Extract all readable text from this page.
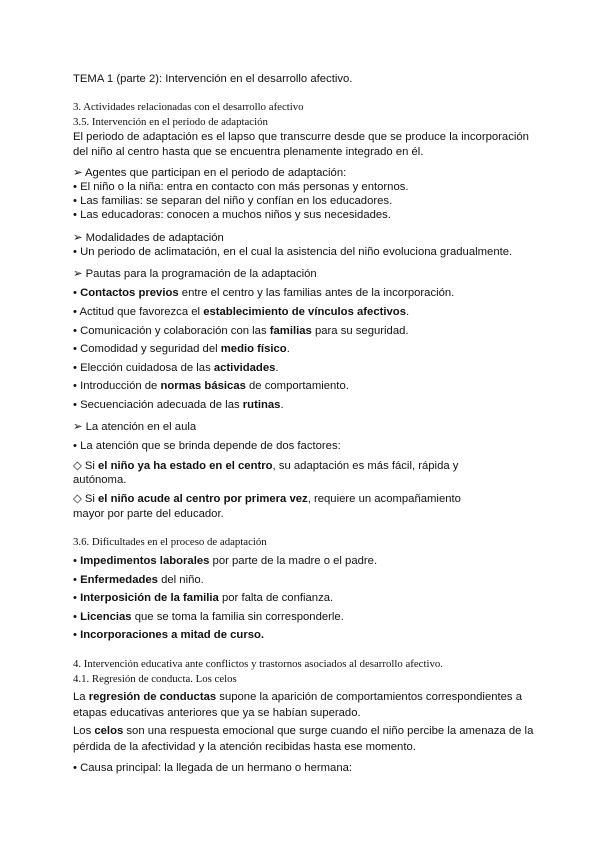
TEMA 1 (parte 2): Intervención en el desarrollo afectivo.
3. Actividades relacionadas con el desarrollo afectivo
3.5. Intervención en el periodo de adaptación
El periodo de adaptación es el lapso que transcurre desde que se produce la incorporación
del niño al centro hasta que se encuentra plenamente integrado en él.
➢ Agentes que participan en el periodo de adaptación:
• El niño o la niña: entra en contacto con más personas y entornos.
• Las familias: se separan del niño y confían en los educadores.
• Las educadoras: conocen a muchos niños y sus necesidades.
➢ Modalidades de adaptación
• Un periodo de aclimatación, en el cual la asistencia del niño evoluciona gradualmente.
➢ Pautas para la programación de la adaptación
• Contactos previos entre el centro y las familias antes de la incorporación.
• Actitud que favorezca el establecimiento de vínculos afectivos.
• Comunicación y colaboración con las familias para su seguridad.
• Comodidad y seguridad del medio físico.
• Elección cuidadosa de las actividades.
• Introducción de normas básicas de comportamiento.
• Secuenciación adecuada de las rutinas.
➢ La atención en el aula
• La atención que se brinda depende de dos factores:
◇ Si el niño ya ha estado en el centro, su adaptación es más fácil, rápida y
autónoma.
◇ Si el niño acude al centro por primera vez, requiere un acompañamiento
mayor por parte del educador.
3.6. Dificultades en el proceso de adaptación
• Impedimentos laborales por parte de la madre o el padre.
• Enfermedades del niño.
• Interposición de la familia por falta de confianza.
• Licencias que se toma la familia sin corresponderle.
• Incorporaciones a mitad de curso.
4. Intervención educativa ante conflictos y trastornos asociados al desarrollo afectivo.
4.1. Regresión de conducta. Los celos
La regresión de conductas supone la aparición de comportamientos correspondientes a
etapas educativas anteriores que ya se habían superado.
Los celos son una respuesta emocional que surge cuando el niño percibe la amenaza de la
pérdida de la afectividad y la atención recibidas hasta ese momento.
• Causa principal: la llegada de un hermano o hermana:
